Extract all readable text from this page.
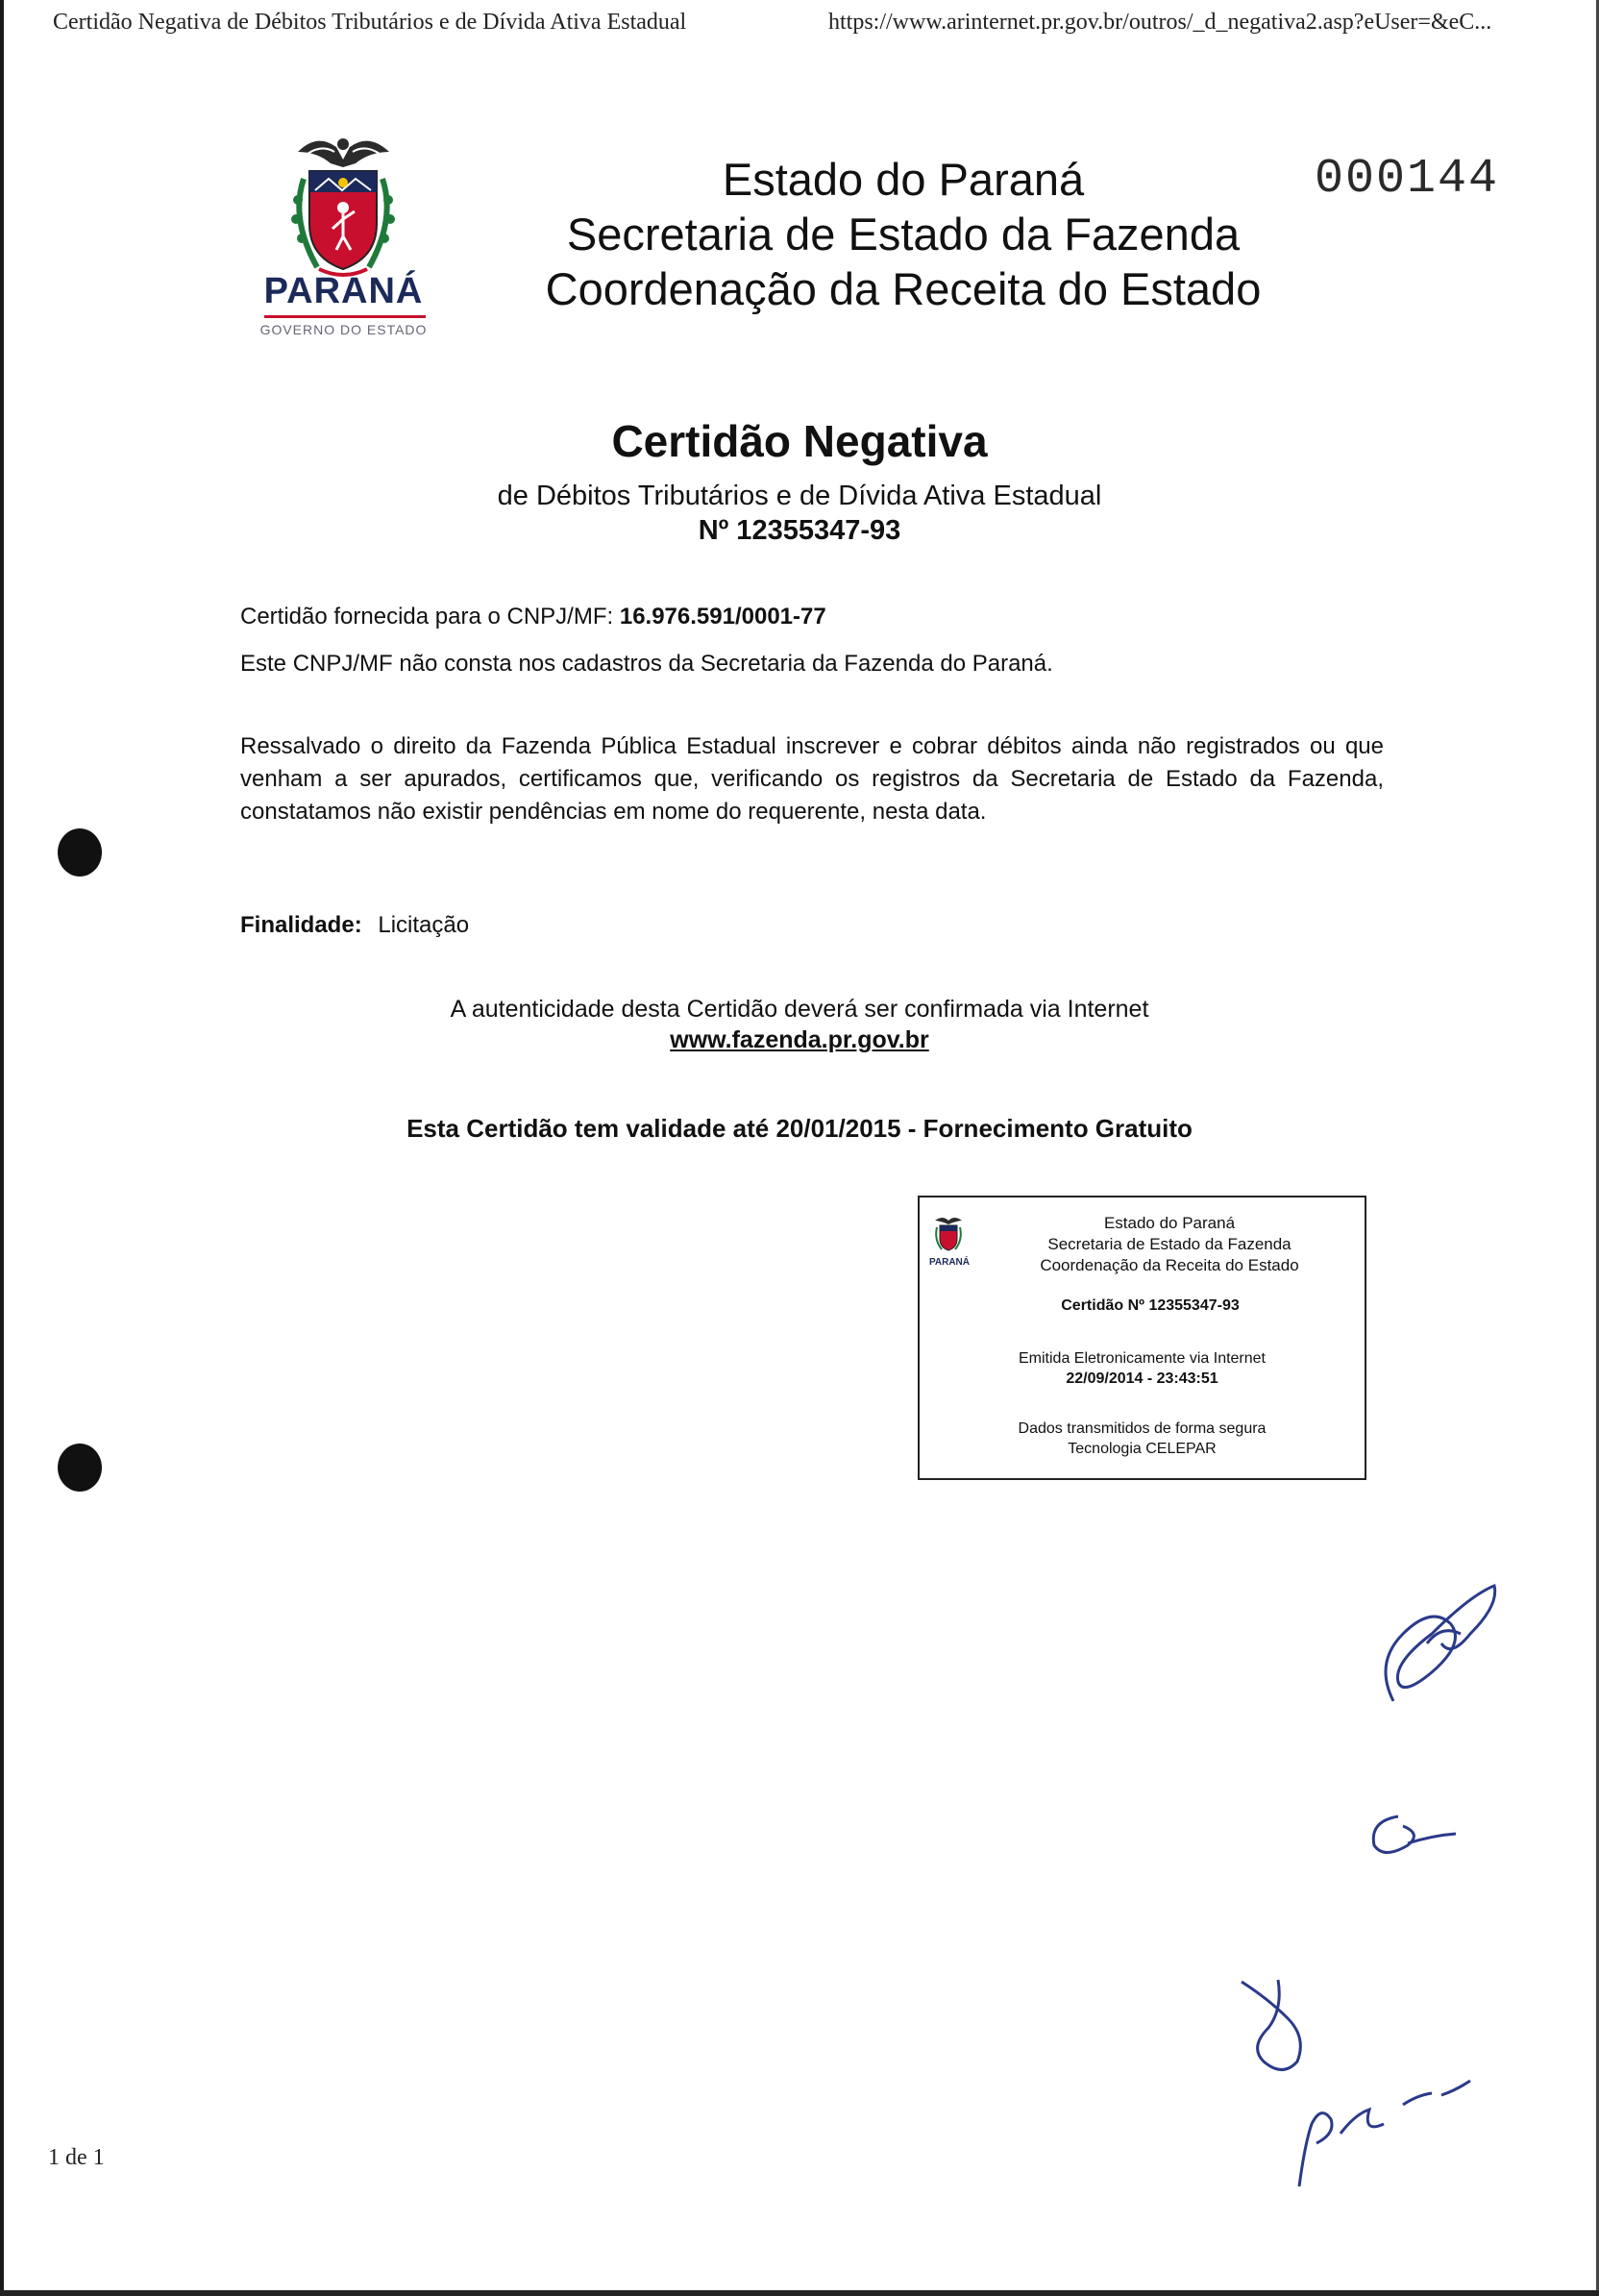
Certidão Negativa de Débitos Tributários e de Dívida Ativa Estadual	https://www.arinternet.pr.gov.br/outros/_d_negativa2.asp?eUser=&eC...
PARANÁ
GOVERNO DO ESTADO
Estado do Paraná
Secretaria de Estado da Fazenda
Coordenação da Receita do Estado
000144
Certidão Negativa
de Débitos Tributários e de Dívida Ativa Estadual
Nº 12355347-93
Certidão fornecida para o CNPJ/MF: 16.976.591/0001-77
Este CNPJ/MF não consta nos cadastros da Secretaria da Fazenda do Paraná.
Ressalvado o direito da Fazenda Pública Estadual inscrever e cobrar débitos ainda não registrados ou que venham a ser apurados, certificamos que, verificando os registros da Secretaria de Estado da Fazenda, constatamos não existir pendências em nome do requerente, nesta data.
Finalidade: Licitação
A autenticidade desta Certidão deverá ser confirmada via Internet
www.fazenda.pr.gov.br
Esta Certidão tem validade até 20/01/2015 - Fornecimento Gratuito
PARANÁ
Estado do Paraná
Secretaria de Estado da Fazenda
Coordenação da Receita do Estado
Certidão Nº 12355347-93
Emitida Eletronicamente via Internet
22/09/2014 - 23:43:51
Dados transmitidos de forma segura
Tecnologia CELEPAR
1 de 1
